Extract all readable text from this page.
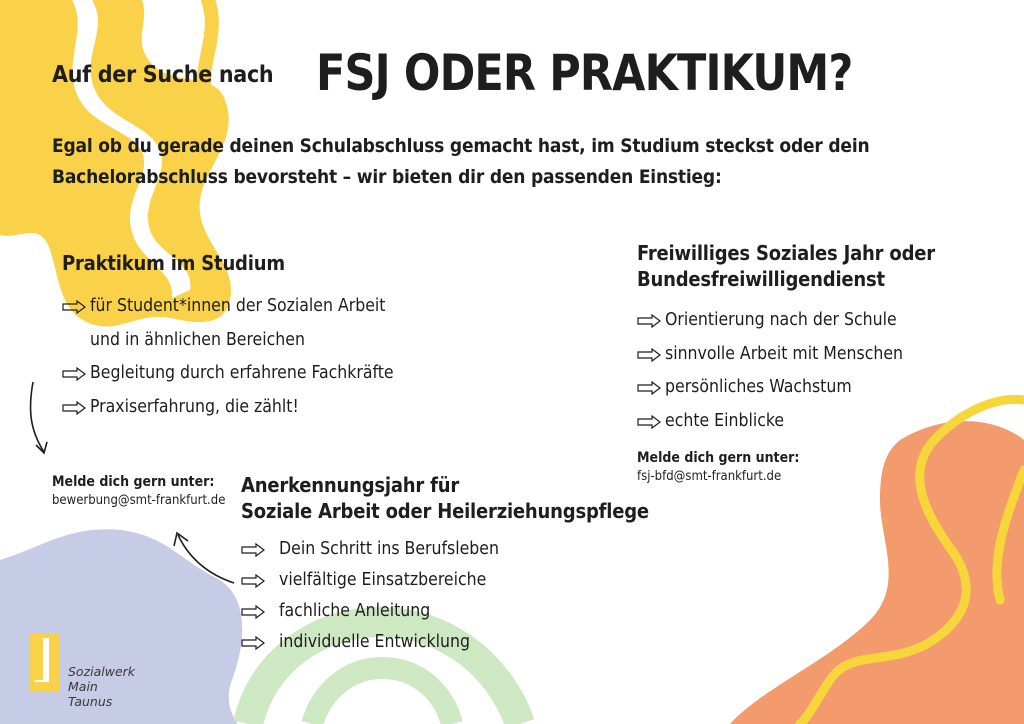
Auf der Suche nach FSJ ODER PRAKTIKUM?
Egal ob du gerade deinen Schulabschluss gemacht hast, im Studium steckst oder dein Bachelorabschluss bevorsteht – wir bieten dir den passenden Einstieg:
Praktikum im Studium
für Student*innen der Sozialen Arbeit
und in ähnlichen Bereichen
Begleitung durch erfahrene Fachkräfte
Praxiserfahrung, die zählt!
Freiwilliges Soziales Jahr oder
Bundesfreiwilligendienst
Orientierung nach der Schule
sinnvolle Arbeit mit Menschen
persönliches Wachstum
echte Einblicke
Melde dich gern unter:
fsj-bfd@smt-frankfurt.de
Melde dich gern unter:
bewerbung@smt-frankfurt.de
Anerkennungsjahr für
Soziale Arbeit oder Heilerziehungspflege
Dein Schritt ins Berufsleben
vielfältige Einsatzbereiche
fachliche Anleitung
individuelle Entwicklung
Sozialwerk
Main Taunus
